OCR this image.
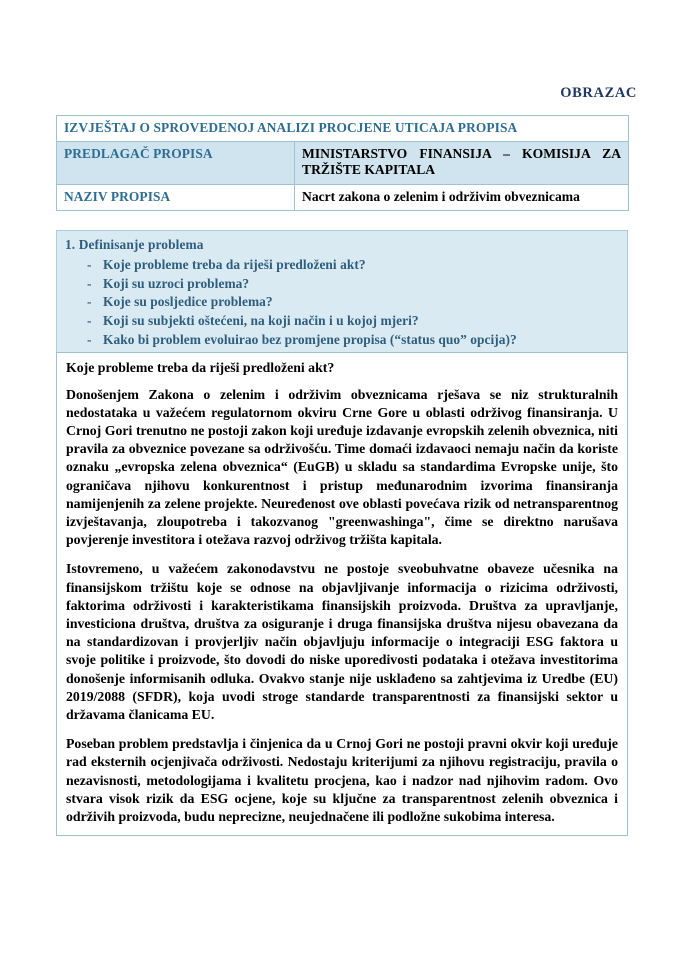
OBRAZAC
IZVJEŠTAJ O SPROVEDENOJ ANALIZI PROCJENE UTICAJA PROPISA	
PREDLAGAČ PROPISA	MINISTARSTVO FINANSIJA – KOMISIJA ZA TRŽIŠTE KAPITALA
NAZIV PROPISA	Nacrt zakona o zelenim i održivim obveznicama

1. Definisanje problema

- Koje probleme treba da riješi predloženi akt?
- Koji su uzroci problema?
- Koje su posljedice problema?
- Koji su subjekti oštećeni, na koji način i u kojoj mjeri?
- Kako bi problem evoluirao bez promjene propisa (“status quo” opcija)?

Koje probleme treba da riješi predloženi akt?

Donošenjem Zakona o zelenim i održivim obveznicama rješava se niz strukturalnih nedostataka u važećem regulatornom okviru Crne Gore u oblasti održivog finansiranja. U Crnoj Gori trenutno ne postoji zakon koji uređuje izdavanje evropskih zelenih obveznica, niti pravila za obveznice povezane sa održivošću. Time domaći izdavaoci nemaju način da koriste oznaku „evropska zelena obveznica“ (EuGB) u skladu sa standardima Evropske unije, što ograničava njihovu konkurentnost i pristup međunarodnim izvorima finansiranja namijenjenih za zelene projekte. Neuređenost ove oblasti povećava rizik od netransparentnog izvještavanja, zloupotreba i takozvanog "greenwashinga", čime se direktno narušava povjerenje investitora i otežava razvoj održivog tržišta kapitala.

Istovremeno, u važećem zakonodavstvu ne postoje sveobuhvatne obaveze učesnika na finansijskom tržištu koje se odnose na objavljivanje informacija o rizicima održivosti, faktorima održivosti i karakteristikama finansijskih proizvoda. Društva za upravljanje, investiciona društva, društva za osiguranje i druga finansijska društva nijesu obavezana da na standardizovan i provjerljiv način objavljuju informacije o integraciji ESG faktora u svoje politike i proizvode, što dovodi do niske uporedivosti podataka i otežava investitorima donošenje informisanih odluka. Ovakvo stanje nije usklađeno sa zahtjevima iz Uredbe (EU) 2019/2088 (SFDR), koja uvodi stroge standarde transparentnosti za finansijski sektor u državama članicama EU.

Poseban problem predstavlja i činjenica da u Crnoj Gori ne postoji pravni okvir koji uređuje rad eksternih ocjenjivača održivosti. Nedostaju kriterijumi za njihovu registraciju, pravila o nezavisnosti, metodologijama i kvalitetu procjena, kao i nadzor nad njihovim radom. Ovo stvara visok rizik da ESG ocjene, koje su ključne za transparentnost zelenih obveznica i održivih proizvoda, budu neprecizne, neujednačene ili podložne sukobima interesa.
